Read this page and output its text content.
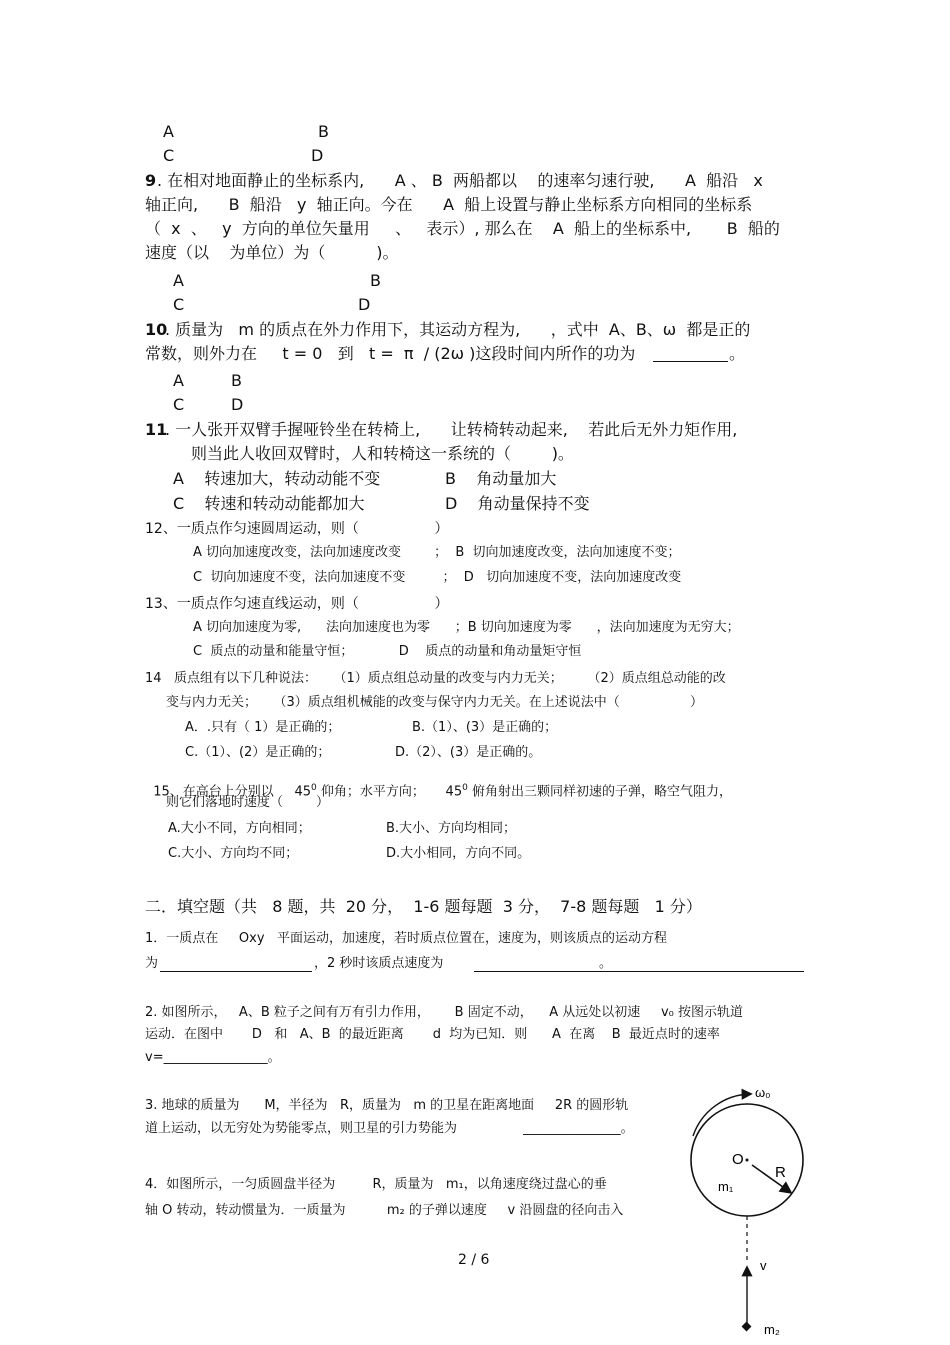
A	B
C	D
9 . 在相对地面静止的坐标系内,      A 、 B  两船都以    的速率匀速行驶,      A  船沿   x
轴正向,      B  船沿   y  轴正向。今在      A  船上设置与静止坐标系方向相同的坐标系
（  x  、   y  方向的单位矢量用     、   表示）, 那么在    A  船上的坐标系中,       B  船的
速度（以    为单位）为（          )。
A	B
C	D
10
. 质量为   m 的质点在外力作用下，其运动方程为,      ，式中  A、B、ω  都是正的
常数，则外力在     t = 0   到   t =  π  / (2ω )这段时间内所作的功为	。
A	B
C	D
11
. 一人张开双臂手握哑铃坐在转椅上,      让转椅转动起来,    若此后无外力矩作用,
则当此人收回双臂时，人和转椅这一系统的（        )。
A    转速加大，转动动能不变	B    角动量加大
C    转速和转动动能都加大	D    角动量保持不变
12、一质点作匀速圆周运动，则（                 ）
A 切向加速度改变，法向加速度改变        ；  B  切向加速度改变，法向加速度不变；
C  切向加速度不变，法向加速度不变         ；  D   切向加速度不变，法向加速度改变
13、一质点作匀速直线运动，则（                 ）
A 切向加速度为零,      法向加速度也为零      ；B 切向加速度为零      ，法向加速度为无穷大；
C  质点的动量和能量守恒；           D    质点的动量和角动量矩守恒
14   质点组有以下几种说法：    （1）质点组总动量的改变与内力无关；      （2）质点组总动能的改
变与内力无关；    （3）质点组机械能的改变与保守内力无关。在上述说法中（                 ）
A．.只有（ 1）是正确的；	B.（1）、(3）是正确的；
C.（1）、(2）是正确的；	D.（2）、(3）是正确的。

15、在高台上分别以     $45^0$ 仰角；水平方向；     $45^0$ 俯角射出三颗同样初速的子弹，略空气阻力，

则它们落地时速度（        ）
A.大小不同，方向相同；	B.大小、方向均相同；
C.大小、方向均不同；	D.大小相同，方向不同。
二．填空题（共   8 题，共  20 分，  1-6 题每题  3 分，  7-8 题每题   1 分）
1．一质点在     Oxy   平面运动，加速度，若时质点位置在，速度为，则该质点的运动方程
为	，2 秒时该质点速度为	。
2. 如图所示，   A、B 粒子之间有万有引力作用，      B 固定不动，    A 从远处以初速     v₀ 按图示轨道
运动．在图中       D   和   A、B  的最近距离       d  均为已知．则      A  在离    B  最近点时的速率
v=________________。
3. 地球的质量为      M，半径为   R，质量为   m 的卫星在距离地面     2R 的圆形轨
道上运动，以无穷处为势能零点，则卫星的引力势能为                _______________。
4．如图所示，一匀质圆盘半径为         R，质量为   m₁，以角速度绕过盘心的垂
轴 O 转动，转动惯量为．一质量为          m₂ 的子弹以速度     v 沿圆盘的径向击入
ω₀
O
R
m₁
v
m₂
2 / 6
